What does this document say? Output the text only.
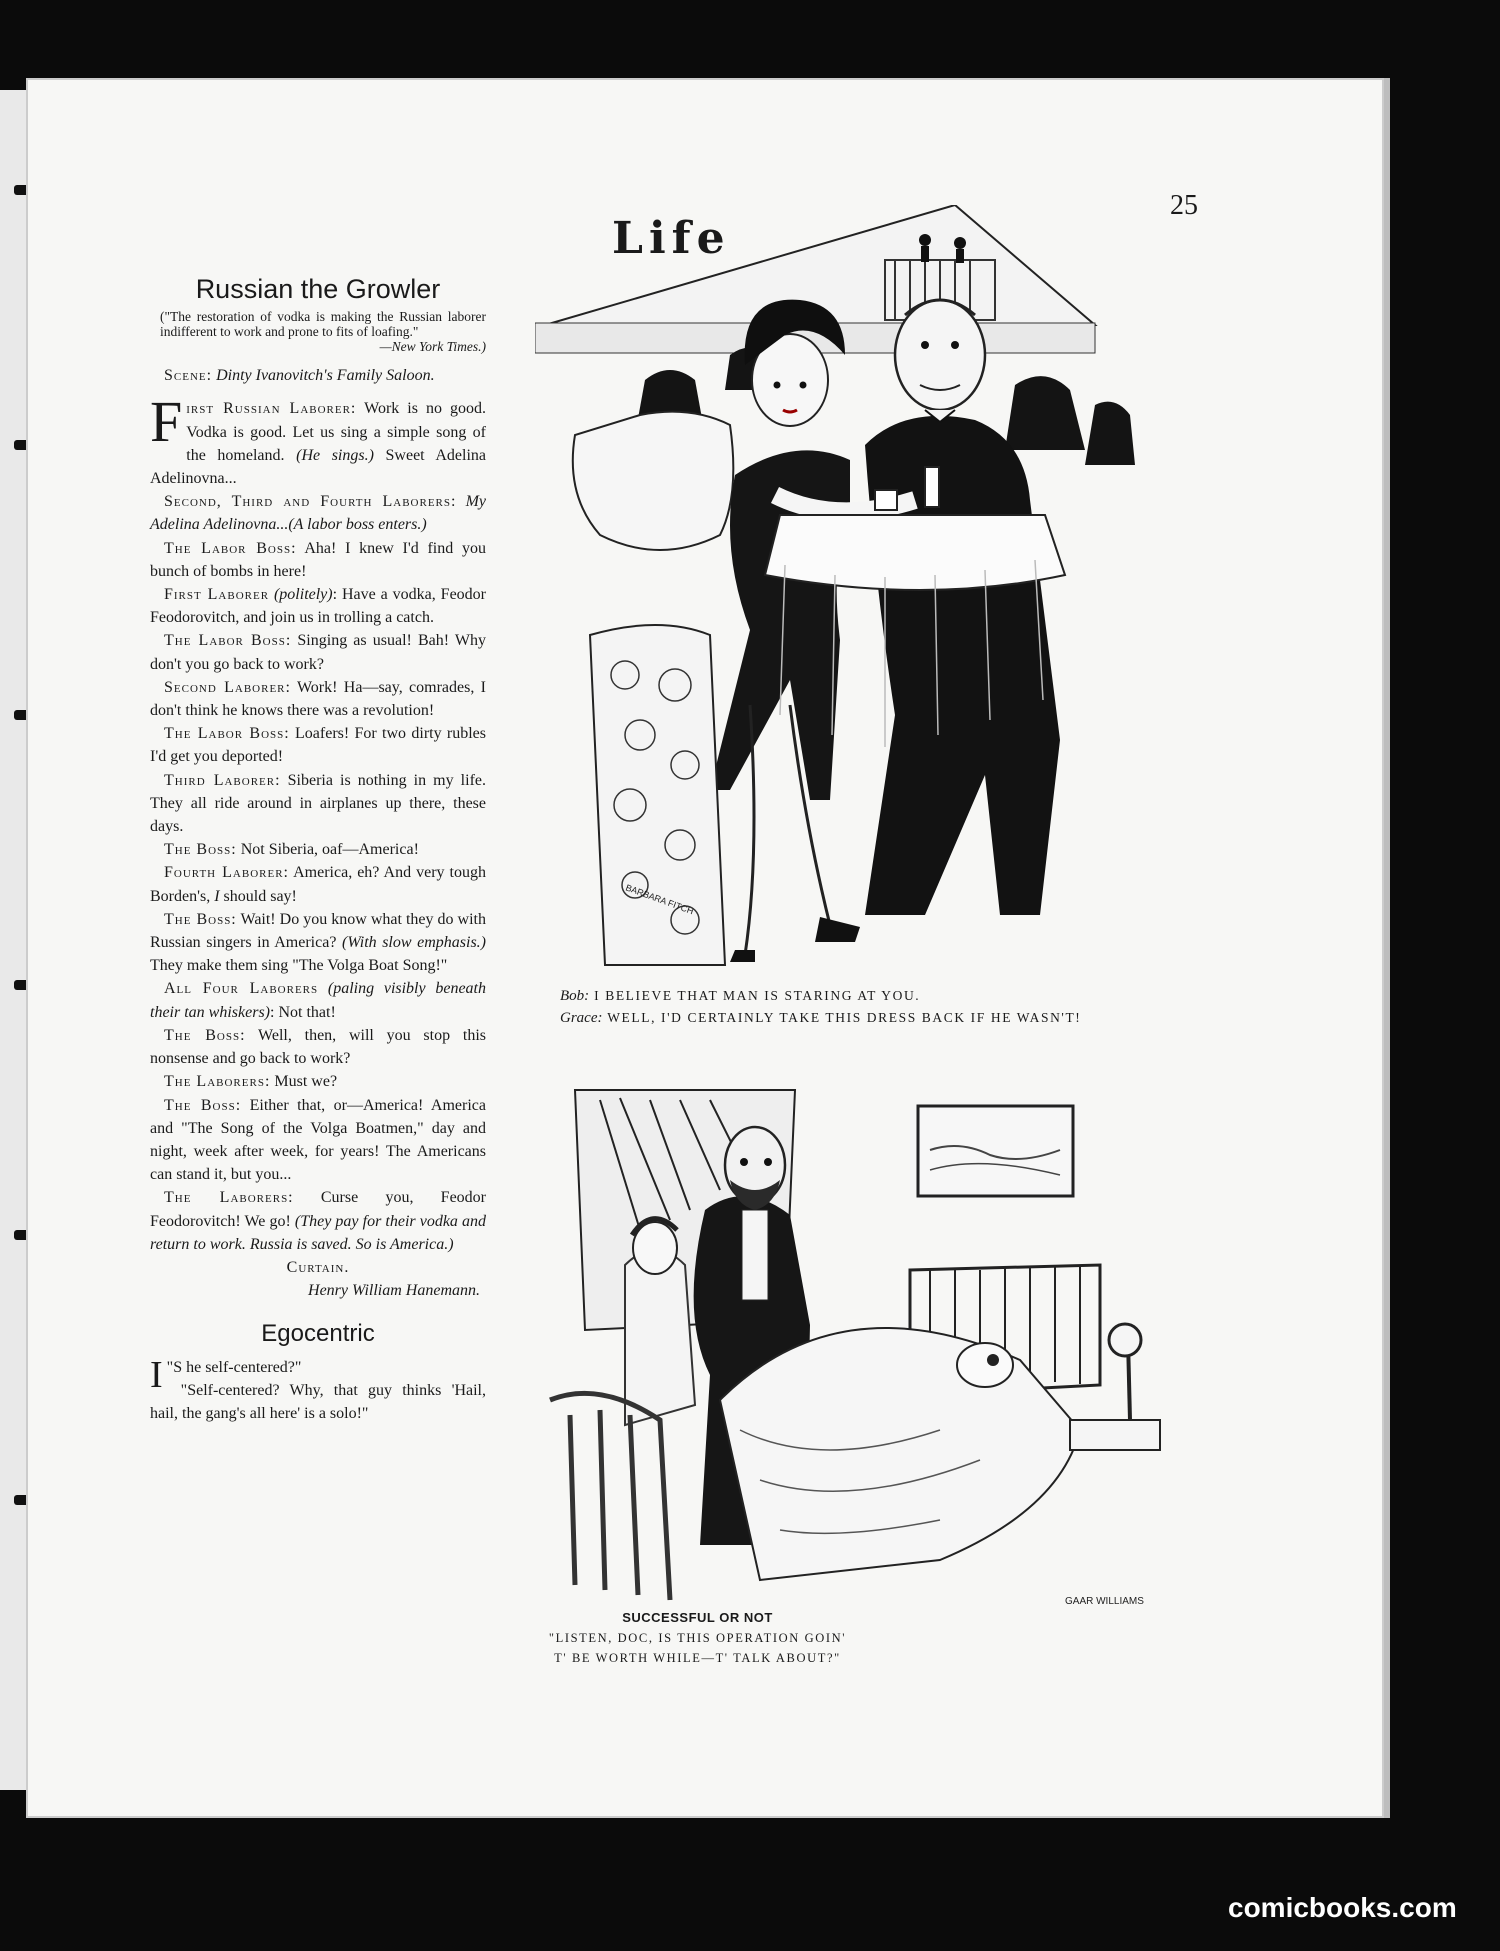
25
Life
Russian the Growler
("The restoration of vodka is making the Russian laborer indifferent to work and prone to fits of loafing."
—New York Times.)

Scene: Dinty Ivanovitch's Family Saloon.

First Russian Laborer: Work is no good. Vodka is good. Let us sing a simple song of the homeland. (He sings.) Sweet Adelina Adelinovna...

Second, Third and Fourth Laborers: My Adelina Adelinovna...(A labor boss enters.)

The Labor Boss: Aha! I knew I'd find you bunch of bombs in here!

First Laborer (politely): Have a vodka, Feodor Feodorovitch, and join us in trolling a catch.

The Labor Boss: Singing as usual! Bah! Why don't you go back to work?

Second Laborer: Work! Ha—say, comrades, I don't think he knows there was a revolution!

The Labor Boss: Loafers! For two dirty rubles I'd get you deported!

Third Laborer: Siberia is nothing in my life. They all ride around in airplanes up there, these days.

The Boss: Not Siberia, oaf—America!

Fourth Laborer: America, eh? And very tough Borden's, I should say!

The Boss: Wait! Do you know what they do with Russian singers in America? (With slow emphasis.) They make them sing "The Volga Boat Song!"

All Four Laborers (paling visibly beneath their tan whiskers): Not that!

The Boss: Well, then, will you stop this nonsense and go back to work?

The Laborers: Must we?

The Boss: Either that, or—America! America and "The Song of the Volga Boatmen," day and night, week after week, for years! The Americans can stand it, but you...

The Laborers: Curse you, Feodor Feodorovitch! We go! (They pay for their vodka and return to work. Russia is saved. So is America.)

Curtain.
Henry William Hanemann.
Egocentric

I "S he self-centered?"

"Self-centered? Why, that guy thinks 'Hail, hail, the gang's all here' is a solo!"

BARBARA FITCH
Bob: I BELIEVE THAT MAN IS STARING AT YOU.
Grace: WELL, I'D CERTAINLY TAKE THIS DRESS BACK IF HE WASN'T!
GAAR WILLIAMS
SUCCESSFUL OR NOT
"LISTEN, DOC, IS THIS OPERATION GOIN' T' BE WORTH WHILE—T' TALK ABOUT?"
comicbooks.com
